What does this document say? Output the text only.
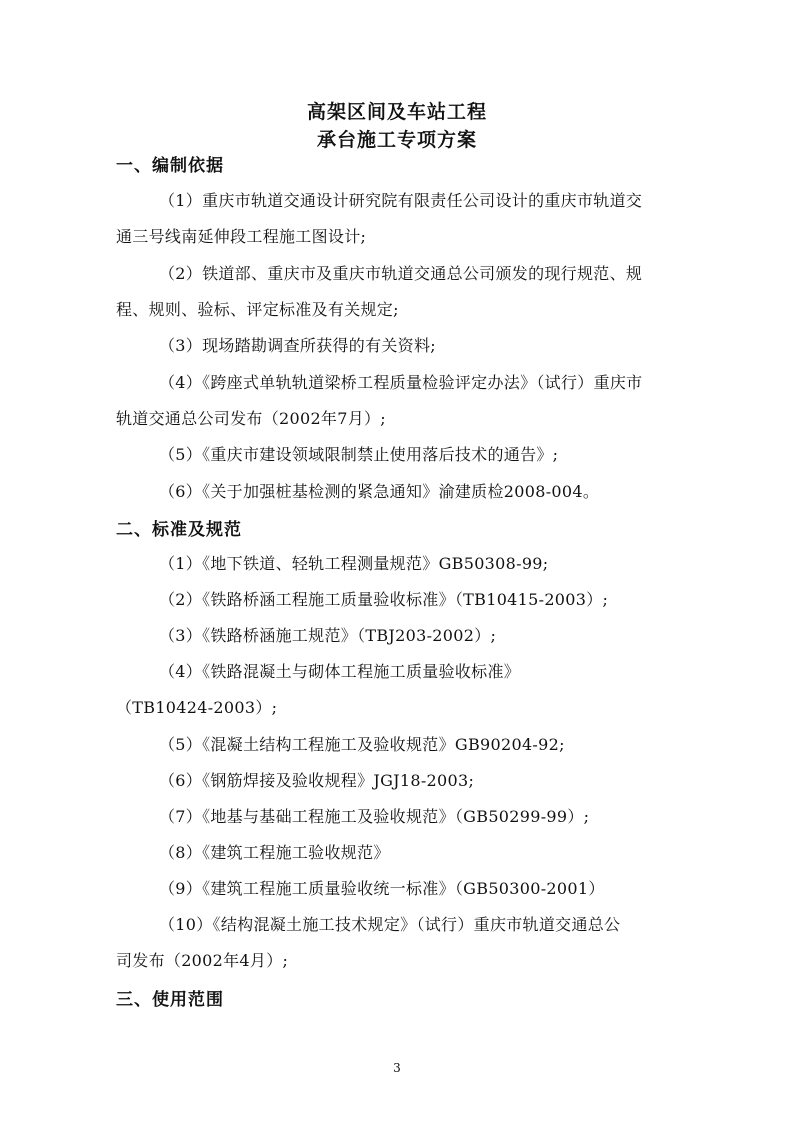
高架区间及车站工程
承台施工专项方案
一、编制依据
（1）重庆市轨道交通设计研究院有限责任公司设计的重庆市轨道交
通三号线南延伸段工程施工图设计;
（2）铁道部、重庆市及重庆市轨道交通总公司颁发的现行规范、规
程、规则、验标、评定标准及有关规定;
（3）现场踏勘调查所获得的有关资料;
（4）《跨座式单轨轨道梁桥工程质量检验评定办法》（试行）重庆市
轨道交通总公司发布（2002年7月）;
（5）《重庆市建设领域限制禁止使用落后技术的通告》;
（6）《关于加强桩基检测的紧急通知》渝建质检2008-004。
二、标准及规范
（1）《地下铁道、轻轨工程测量规范》GB50308-99;
（2）《铁路桥涵工程施工质量验收标准》（TB10415-2003）;
（3）《铁路桥涵施工规范》（TBJ203-2002）;
（4）《铁路混凝土与砌体工程施工质量验收标准》
（TB10424-2003）;
（5）《混凝土结构工程施工及验收规范》GB90204-92;
（6）《钢筋焊接及验收规程》JGJ18-2003;
（7）《地基与基础工程施工及验收规范》（GB50299-99）;
（8）《建筑工程施工验收规范》
（9）《建筑工程施工质量验收统一标准》（GB50300-2001）
（10）《结构混凝土施工技术规定》（试行）重庆市轨道交通总公
司发布（2002年4月）;
三、使用范围
3
